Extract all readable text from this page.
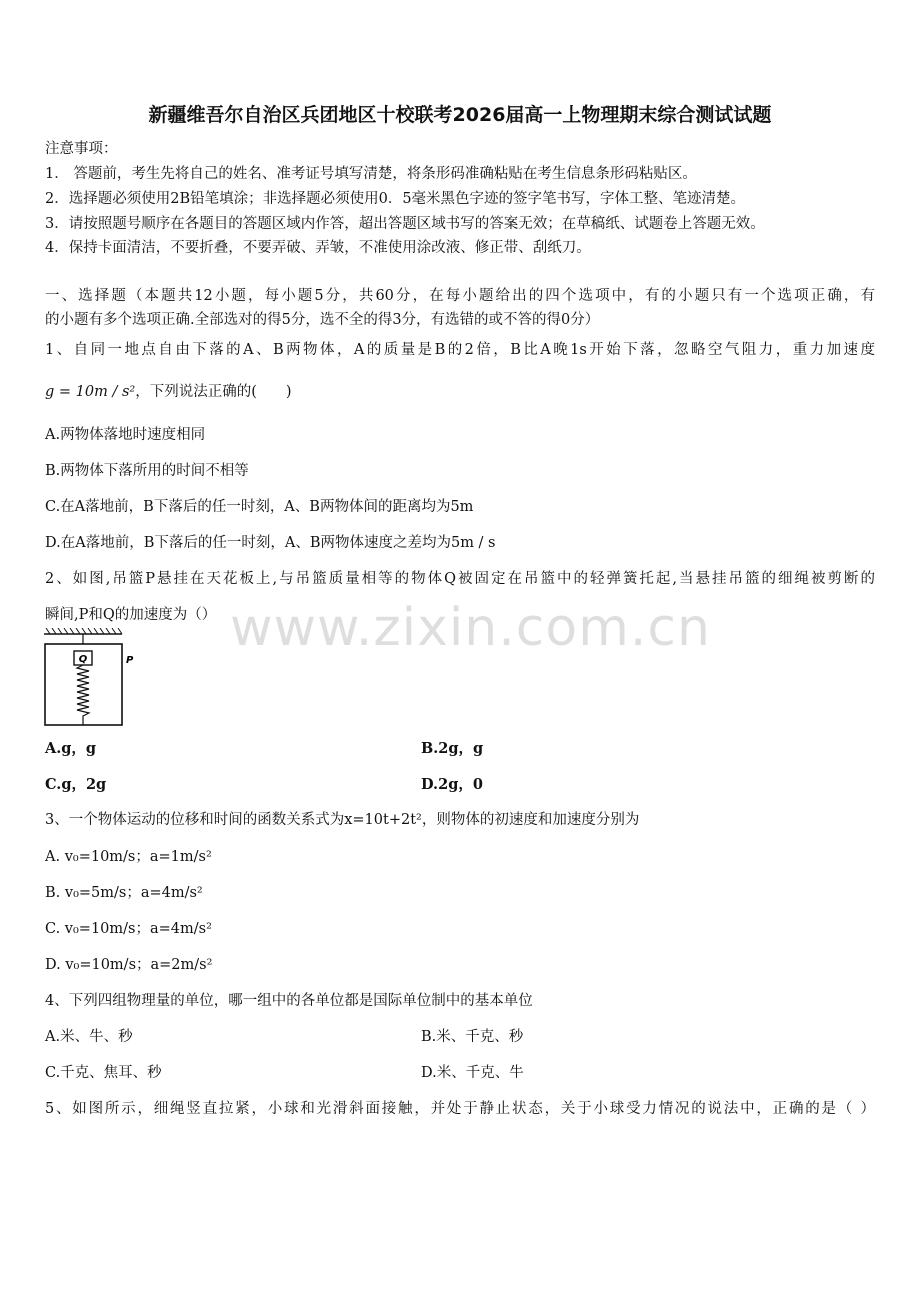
新疆维吾尔自治区兵团地区十校联考2026届高一上物理期末综合测试试题
注意事项：
1． 答题前，考生先将自己的姓名、准考证号填写清楚，将条形码准确粘贴在考生信息条形码粘贴区。
2．选择题必须使用2B铅笔填涂；非选择题必须使用0．5毫米黑色字迹的签字笔书写，字体工整、笔迹清楚。
3．请按照题号顺序在各题目的答题区域内作答，超出答题区域书写的答案无效；在草稿纸、试题卷上答题无效。
4．保持卡面清洁，不要折叠，不要弄破、弄皱，不准使用涂改液、修正带、刮纸刀。
一、选择题（本题共12小题，每小题5分，共60分，在每小题给出的四个选项中，有的小题只有一个选项正确，有
的小题有多个选项正确.全部选对的得5分，选不全的得3分，有选错的或不答的得0分）
1、自同一地点自由下落的A、B两物体，A的质量是B的2倍，B比A晚1s开始下落，忽略空气阻力，重力加速度
g = 10m / s²，下列说法正确的(　　)
A.两物体落地时速度相同
B.两物体下落所用的时间不相等
C.在A落地前，B下落后的任一时刻，A、B两物体间的距离均为5m
D.在A落地前，B下落后的任一时刻，A、B两物体速度之差均为5m / s
2、如图,吊篮P悬挂在天花板上,与吊篮质量相等的物体Q被固定在吊篮中的轻弹簧托起,当悬挂吊篮的细绳被剪断的
瞬间,P和Q的加速度为（） www.zixin.com.cn
Q	P
A.g，g	B.2g，g
C.g，2g	D.2g，0
3、一个物体运动的位移和时间的函数关系式为x=10t+2t²，则物体的初速度和加速度分别为
A. v₀=10m/s；a=1m/s²
B. v₀=5m/s；a=4m/s²
C. v₀=10m/s；a=4m/s²
D. v₀=10m/s；a=2m/s²
4、下列四组物理量的单位，哪一组中的各单位都是国际单位制中的基本单位
A.米、牛、秒	B.米、千克、秒
C.千克、焦耳、秒	D.米、千克、牛
5、如图所示，细绳竖直拉紧，小球和光滑斜面接触，并处于静止状态，关于小球受力情况的说法中，正确的是（ ）
